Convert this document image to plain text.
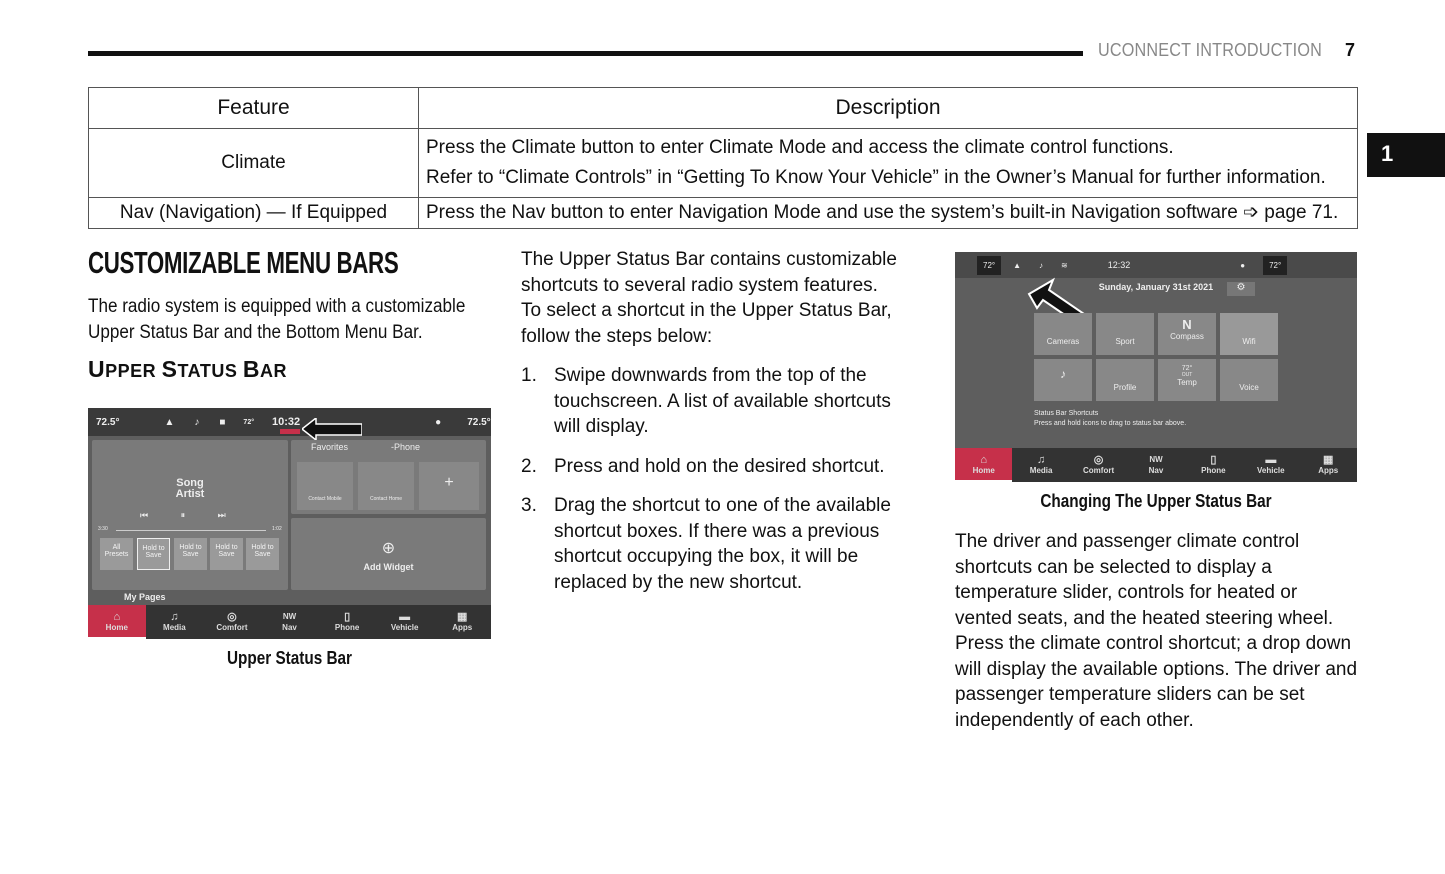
UCONNECT INTRODUCTION 7
1
Feature	Description
Climate	Press the Climate button to enter Climate Mode and access the climate control functions.

Refer to “Climate Controls” in “Getting To Know Your Vehicle” in the Owner’s Manual for further information.

Nav (Navigation) — If Equipped	Press the Nav button to enter Navigation Mode and use the system’s built-in Navigation software ➩ page 71.

CUSTOMIZABLE MENU BARS
The radio system is equipped with a customizable
Upper Status Bar and the Bottom Menu Bar.
UPPER STATUS BAR
72.5°	▲ ♪ ■	72° 10:32	●	72.5°
Song
Artist
⏮ ⏸ ⏭
3:30	1:02
All Presets
Hold to Save
Hold to Save
Hold to Save
Hold to Save
Favorites	-Phone
Contact Mobile	Contact Home
+
⊕
Add Widget
My Pages
⌂
Home
♫
Media
◎
Comfort
NW
Nav
▯
Phone
▬
Vehicle
▦
Apps
Upper Status Bar
The Upper Status Bar contains customizable
shortcuts to several radio system features.
To select a shortcut in the Upper Status Bar,
follow the steps below:
1. Swipe downwards from the top of the
touchscreen. A list of available shortcuts
will display.
2. Press and hold on the desired shortcut.
3. Drag the shortcut to one of the available
shortcut boxes. If there was a previous
shortcut occupying the box, it will be
replaced by the new shortcut.
72°	▲ ♪ ≋	12:32	●	72°
Sunday, January 31st 2021	⚙
Cameras	Sport
N
Compass
Wifi
♪
Profile
72°
OUT
Temp
Voice
Status Bar Shortcuts
Press and hold icons to drag to status bar above.
⌂
Home
♫
Media
◎
Comfort
NW
Nav
▯
Phone
▬
Vehicle
▦
Apps
Changing The Upper Status Bar
The driver and passenger climate control
shortcuts can be selected to display a
temperature slider, controls for heated or
vented seats, and the heated steering wheel.
Press the climate control shortcut; a drop down
will display the available options. The driver and
passenger temperature sliders can be set
independently of each other.
